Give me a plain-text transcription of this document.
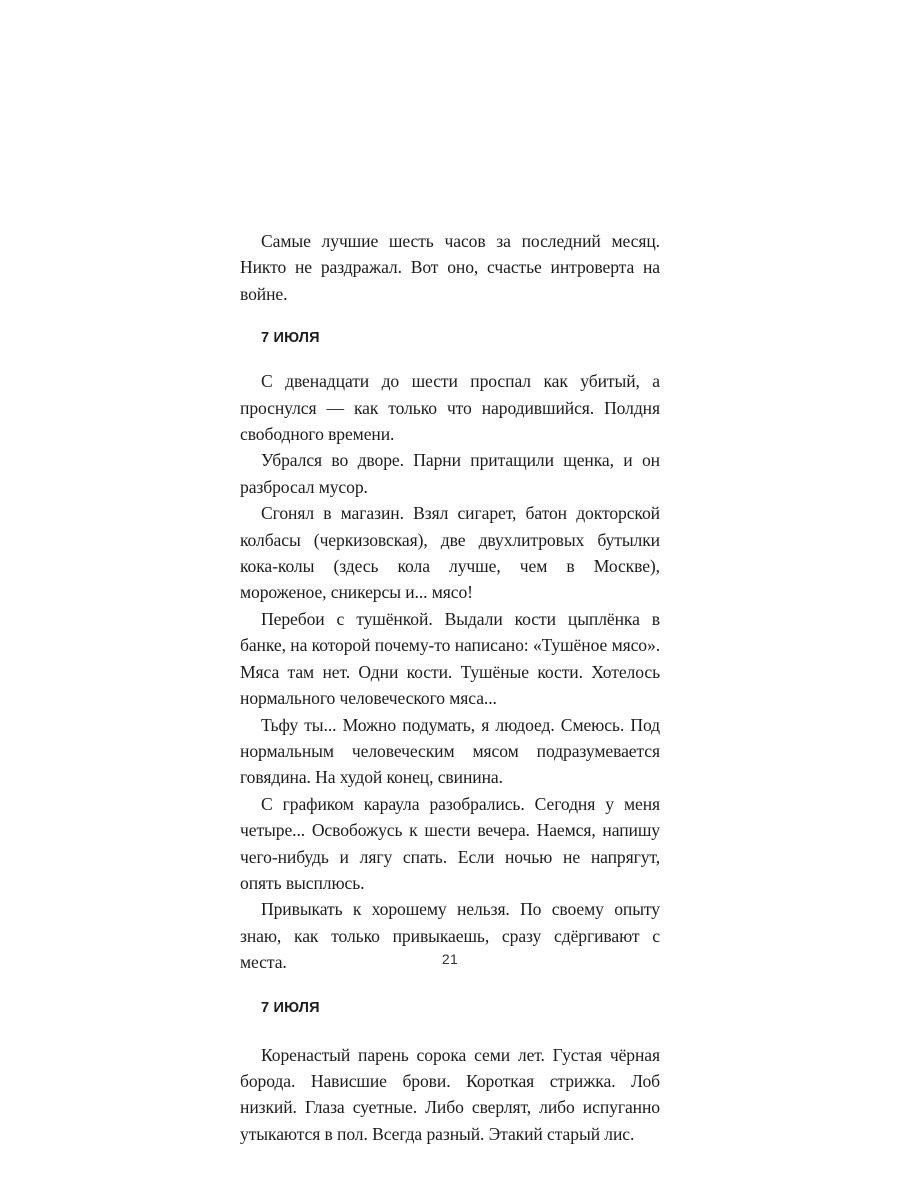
Самые лучшие шесть часов за последний месяц. Никто не раздражал. Вот оно, счастье интроверта на войне.

7 ИЮЛЯ

С двенадцати до шести проспал как убитый, а проснулся — как только что народившийся. Полдня свободного времени.

Убрался во дворе. Парни притащили щенка, и он разбросал мусор.

Сгонял в магазин. Взял сигарет, батон докторской колбасы (черкизовская), две двухлитровых бутылки кока-колы (здесь кола лучше, чем в Москве), мороженое, сникерсы и... мясо!

Перебои с тушёнкой. Выдали кости цыплёнка в банке, на которой почему-то написано: «Тушёное мясо». Мяса там нет. Одни кости. Тушёные кости. Хотелось нормального человеческого мяса...

Тьфу ты... Можно подумать, я людоед. Смеюсь. Под нормальным человеческим мясом подразумевается говядина. На худой конец, свинина.

С графиком караула разобрались. Сегодня у меня четыре... Освобожусь к шести вечера. Наемся, напишу чего-нибудь и лягу спать. Если ночью не напрягут, опять высплюсь.

Привыкать к хорошему нельзя. По своему опыту знаю, как только привыкаешь, сразу сдёргивают с места.

7 ИЮЛЯ

Коренастый парень сорока семи лет. Густая чёрная борода. Нависшие брови. Короткая стрижка. Лоб низкий. Глаза суетные. Либо сверлят, либо испуганно утыкаются в пол. Всегда разный. Этакий старый лис.

21
